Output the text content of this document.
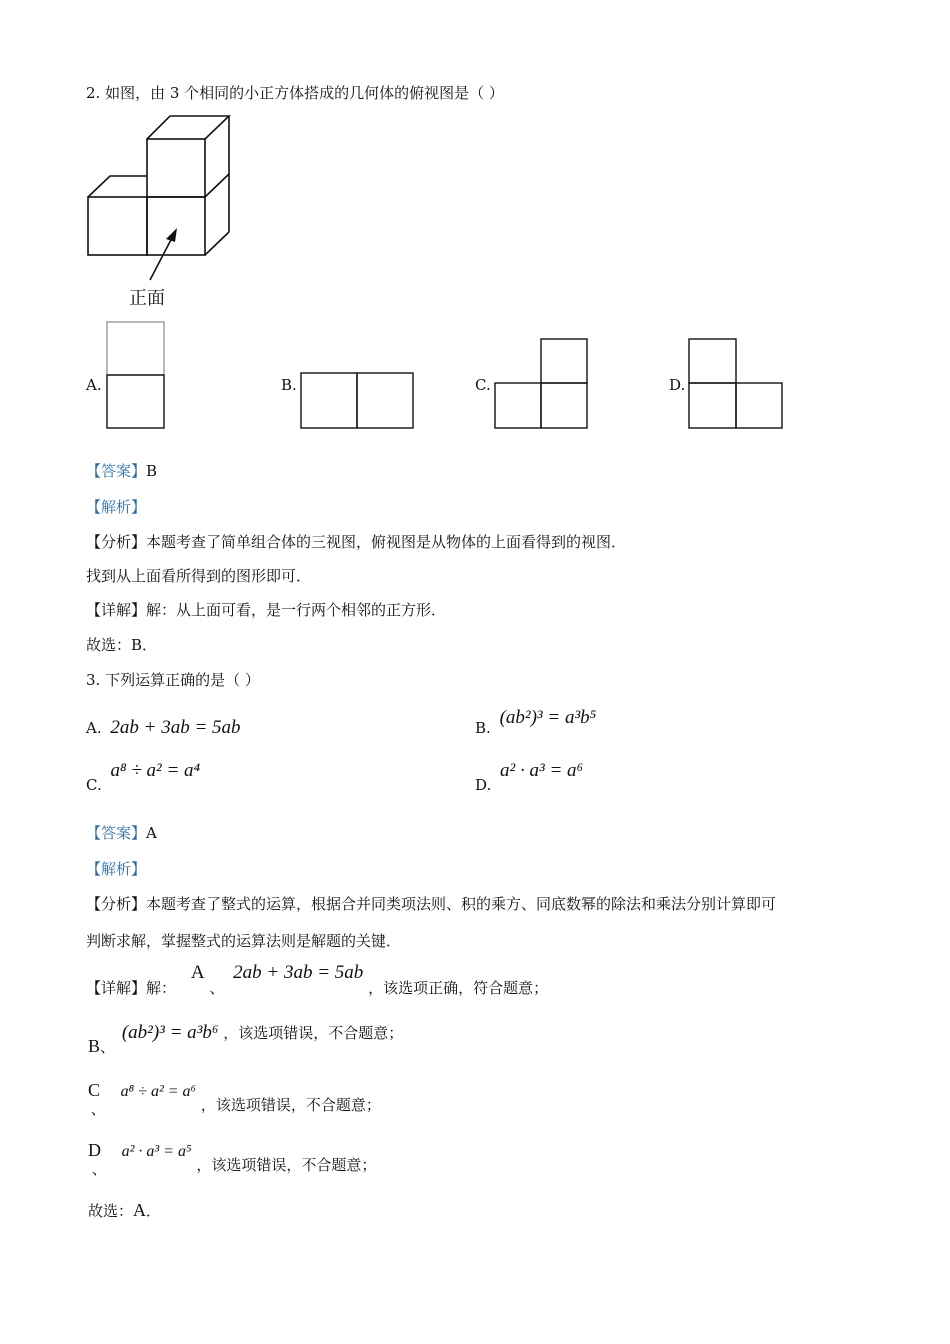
2. 如图，由 3 个相同的小正方体搭成的几何体的俯视图是（ ）
正面
A.	B.	C.	D.
【答案】B
【解析】
【分析】本题考查了简单组合体的三视图，俯视图是从物体的上面看得到的视图．
找到从上面看所得到的图形即可．
【详解】解：从上面可看，是一行两个相邻的正方形．
故选：B．
3. 下列运算正确的是（ ）
A. 2ab + 3ab = 5ab	B. (ab²)³ = a³b⁵
C. a⁸ ÷ a² = a⁴
D. a² · a³ = a⁶
【答案】A
【解析】
【分析】本题考查了整式的运算，根据合并同类项法则、积的乘方、同底数幂的除法和乘法分别计算即可
判断求解，掌握整式的运算法则是解题的关键．
【详解】解： A 、 2ab + 3ab = 5ab ，该选项正确，符合题意；
B、 (ab²)³ = a³b⁶ ，该选项错误，不合题意；
C 、 a⁸ ÷ a² = a⁶ ，该选项错误，不合题意；
D 、 a² · a³ = a⁵ ，该选项错误，不合题意；
故选：A．
